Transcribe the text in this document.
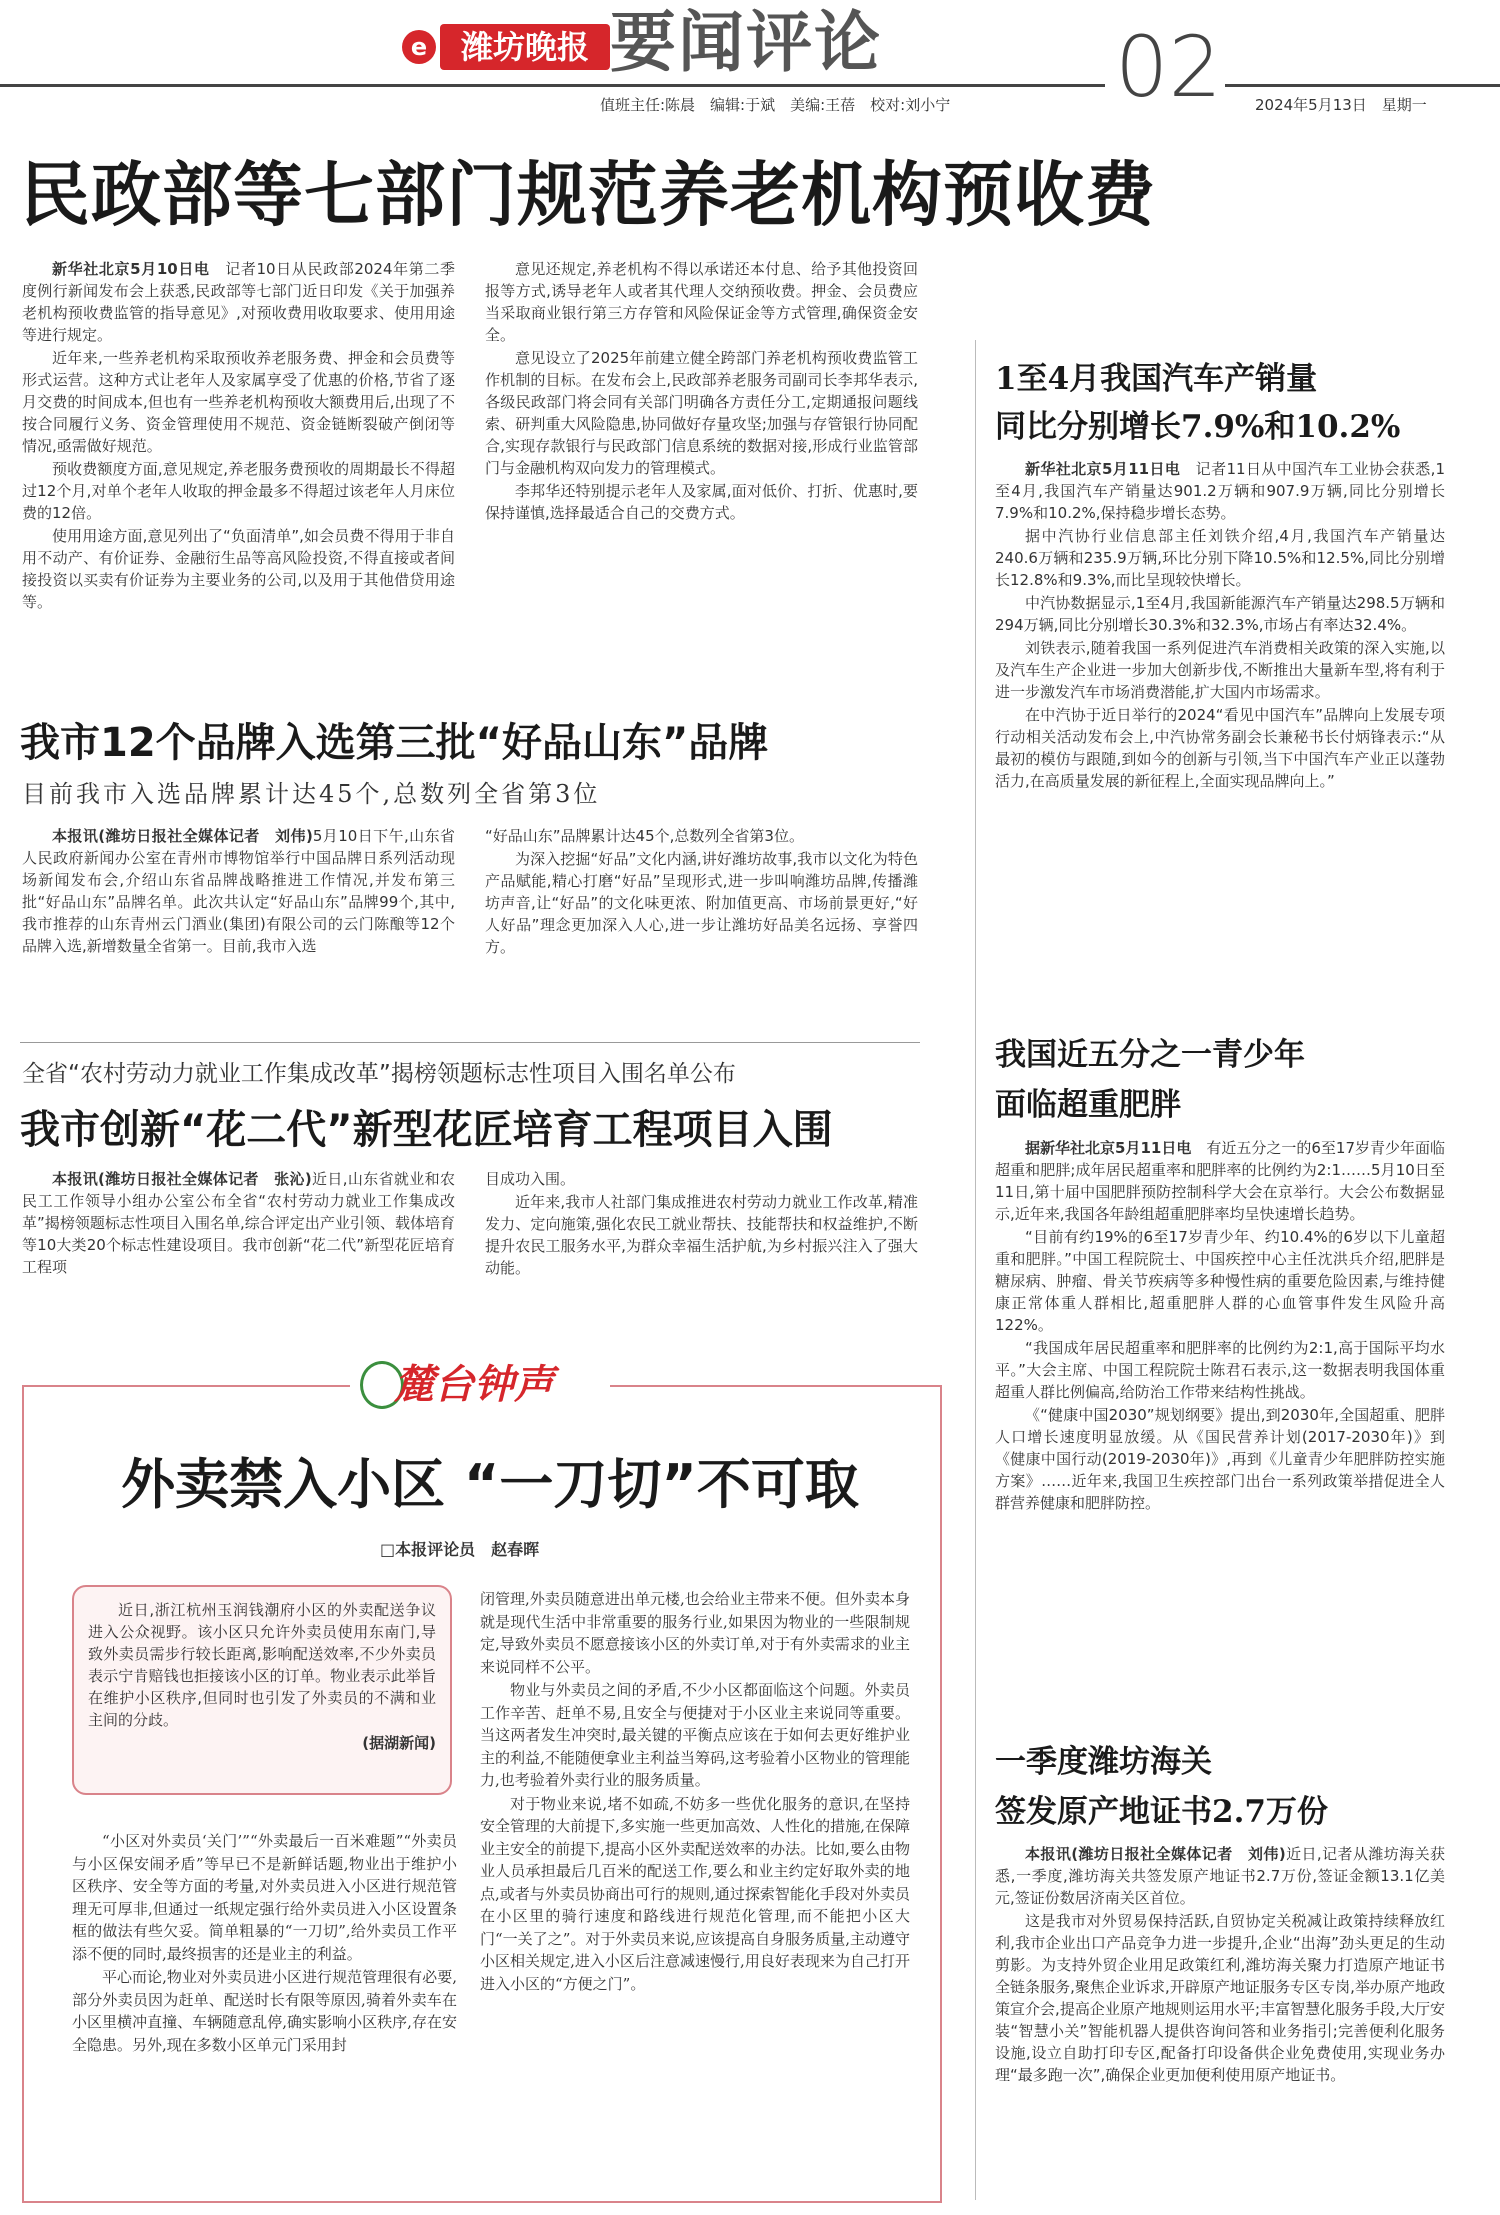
e	潍坊晚报 要闻评论	02
值班主任:陈晨　编辑:于斌　美编:王蓓　校对:刘小宁	2024年5月13日　星期一
民政部等七部门规范养老机构预收费

新华社北京5月10日电　 记者10日从民政部2024年第二季度例行新闻发布会上获悉,民政部等七部门近日印发《关于加强养老机构预收费监管的指导意见》,对预收费用收取要求、使用用途等进行规定。

近年来,一些养老机构采取预收养老服务费、押金和会员费等形式运营。这种方式让老年人及家属享受了优惠的价格,节省了逐月交费的时间成本,但也有一些养老机构预收大额费用后,出现了不按合同履行义务、资金管理使用不规范、资金链断裂破产倒闭等情况,亟需做好规范。

预收费额度方面,意见规定,养老服务费预收的周期最长不得超过12个月,对单个老年人收取的押金最多不得超过该老年人月床位费的12倍。

使用用途方面,意见列出了“负面清单”,如会员费不得用于非自用不动产、有价证券、金融衍生品等高风险投资,不得直接或者间接投资以买卖有价证券为主要业务的公司,以及用于其他借贷用途等。

意见还规定,养老机构不得以承诺还本付息、给予其他投资回报等方式,诱导老年人或者其代理人交纳预收费。押金、会员费应当采取商业银行第三方存管和风险保证金等方式管理,确保资金安全。

意见设立了2025年前建立健全跨部门养老机构预收费监管工作机制的目标。在发布会上,民政部养老服务司副司长李邦华表示,各级民政部门将会同有关部门明确各方责任分工,定期通报问题线索、研判重大风险隐患,协同做好存量攻坚;加强与存管银行协同配合,实现存款银行与民政部门信息系统的数据对接,形成行业监管部门与金融机构双向发力的管理模式。

李邦华还特别提示老年人及家属,面对低价、打折、优惠时,要保持谨慎,选择最适合自己的交费方式。

我市12个品牌入选第三批“好品山东”品牌
目前我市入选品牌累计达45个,总数列全省第3位

本报讯(潍坊日报社全媒体记者　刘伟)5月10日下午,山东省人民政府新闻办公室在青州市博物馆举行中国品牌日系列活动现场新闻发布会,介绍山东省品牌战略推进工作情况,并发布第三批“好品山东”品牌名单。此次共认定“好品山东”品牌99个,其中,我市推荐的山东青州云门酒业(集团)有限公司的云门陈酿等12个品牌入选,新增数量全省第一。目前,我市入选

“好品山东”品牌累计达45个,总数列全省第3位。

为深入挖掘“好品”文化内涵,讲好潍坊故事,我市以文化为特色产品赋能,精心打磨“好品”呈现形式,进一步叫响潍坊品牌,传播潍坊声音,让“好品”的文化味更浓、附加值更高、市场前景更好,“好人好品”理念更加深入人心,进一步让潍坊好品美名远扬、享誉四方。

全省“农村劳动力就业工作集成改革”揭榜领题标志性项目入围名单公布
我市创新“花二代”新型花匠培育工程项目入围

本报讯(潍坊日报社全媒体记者　张沁)近日,山东省就业和农民工工作领导小组办公室公布全省“农村劳动力就业工作集成改革”揭榜领题标志性项目入围名单,综合评定出产业引领、载体培育等10大类20个标志性建设项目。我市创新“花二代”新型花匠培育工程项

目成功入围。

近年来,我市人社部门集成推进农村劳动力就业工作改革,精准发力、定向施策,强化农民工就业帮扶、技能帮扶和权益维护,不断提升农民工服务水平,为群众幸福生活护航,为乡村振兴注入了强大动能。

麓台钟声
外卖禁入小区 “一刀切”不可取
□本报评论员　赵春晖

近日,浙江杭州玉润钱潮府小区的外卖配送争议进入公众视野。该小区只允许外卖员使用东南门,导致外卖员需步行较长距离,影响配送效率,不少外卖员表示宁肯赔钱也拒接该小区的订单。物业表示此举旨在维护小区秩序,但同时也引发了外卖员的不满和业主间的分歧。

(据湖新闻)

“小区对外卖员‘关门’”“外卖最后一百米难题”“外卖员与小区保安闹矛盾”等早已不是新鲜话题,物业出于维护小区秩序、安全等方面的考量,对外卖员进入小区进行规范管理无可厚非,但通过一纸规定强行给外卖员进入小区设置条框的做法有些欠妥。简单粗暴的“一刀切”,给外卖员工作平添不便的同时,最终损害的还是业主的利益。

平心而论,物业对外卖员进小区进行规范管理很有必要,部分外卖员因为赶单、配送时长有限等原因,骑着外卖车在小区里横冲直撞、车辆随意乱停,确实影响小区秩序,存在安全隐患。另外,现在多数小区单元门采用封

闭管理,外卖员随意进出单元楼,也会给业主带来不便。但外卖本身就是现代生活中非常重要的服务行业,如果因为物业的一些限制规定,导致外卖员不愿意接该小区的外卖订单,对于有外卖需求的业主来说同样不公平。

物业与外卖员之间的矛盾,不少小区都面临这个问题。外卖员工作辛苦、赶单不易,且安全与便捷对于小区业主来说同等重要。当这两者发生冲突时,最关键的平衡点应该在于如何去更好维护业主的利益,不能随便拿业主利益当筹码,这考验着小区物业的管理能力,也考验着外卖行业的服务质量。

对于物业来说,堵不如疏,不妨多一些优化服务的意识,在坚持安全管理的大前提下,多实施一些更加高效、人性化的措施,在保障业主安全的前提下,提高小区外卖配送效率的办法。比如,要么由物业人员承担最后几百米的配送工作,要么和业主约定好取外卖的地点,或者与外卖员协商出可行的规则,通过探索智能化手段对外卖员在小区里的骑行速度和路线进行规范化管理,而不能把小区大门“一关了之”。对于外卖员来说,应该提高自身服务质量,主动遵守小区相关规定,进入小区后注意减速慢行,用良好表现来为自己打开进入小区的“方便之门”。

1至4月我国汽车产销量
同比分别增长7.9%和10.2%

新华社北京5月11日电　 记者11日从中国汽车工业协会获悉,1至4月,我国汽车产销量达901.2万辆和907.9万辆,同比分别增长7.9%和10.2%,保持稳步增长态势。

据中汽协行业信息部主任刘铁介绍,4月,我国汽车产销量达240.6万辆和235.9万辆,环比分别下降10.5%和12.5%,同比分别增长12.8%和9.3%,而比呈现较快增长。

中汽协数据显示,1至4月,我国新能源汽车产销量达298.5万辆和294万辆,同比分别增长30.3%和32.3%,市场占有率达32.4%。

刘铁表示,随着我国一系列促进汽车消费相关政策的深入实施,以及汽车生产企业进一步加大创新步伐,不断推出大量新车型,将有利于进一步激发汽车市场消费潜能,扩大国内市场需求。

在中汽协于近日举行的2024“看见中国汽车”品牌向上发展专项行动相关活动发布会上,中汽协常务副会长兼秘书长付炳锋表示:“从最初的模仿与跟随,到如今的创新与引领,当下中国汽车产业正以蓬勃活力,在高质量发展的新征程上,全面实现品牌向上。”

我国近五分之一青少年
面临超重肥胖

据新华社北京5月11日电　 有近五分之一的6至17岁青少年面临超重和肥胖;成年居民超重率和肥胖率的比例约为2:1……5月10日至11日,第十届中国肥胖预防控制科学大会在京举行。大会公布数据显示,近年来,我国各年龄组超重肥胖率均呈快速增长趋势。

“目前有约19%的6至17岁青少年、约10.4%的6岁以下儿童超重和肥胖。”中国工程院院士、中国疾控中心主任沈洪兵介绍,肥胖是糖尿病、肿瘤、骨关节疾病等多种慢性病的重要危险因素,与维持健康正常体重人群相比,超重肥胖人群的心血管事件发生风险升高122%。

“我国成年居民超重率和肥胖率的比例约为2:1,高于国际平均水平。”大会主席、中国工程院院士陈君石表示,这一数据表明我国体重超重人群比例偏高,给防治工作带来结构性挑战。

《“健康中国2030”规划纲要》提出,到2030年,全国超重、肥胖人口增长速度明显放缓。从《国民营养计划(2017-2030年)》到《健康中国行动(2019-2030年)》,再到《儿童青少年肥胖防控实施方案》……近年来,我国卫生疾控部门出台一系列政策举措促进全人群营养健康和肥胖防控。

一季度潍坊海关
签发原产地证书2.7万份

本报讯(潍坊日报社全媒体记者　刘伟)近日,记者从潍坊海关获悉,一季度,潍坊海关共签发原产地证书2.7万份,签证金额13.1亿美元,签证份数居济南关区首位。

这是我市对外贸易保持活跃,自贸协定关税减让政策持续释放红利,我市企业出口产品竞争力进一步提升,企业“出海”劲头更足的生动剪影。为支持外贸企业用足政策红利,潍坊海关聚力打造原产地证书全链条服务,聚焦企业诉求,开辟原产地证服务专区专岗,举办原产地政策宣介会,提高企业原产地规则运用水平;丰富智慧化服务手段,大厅安装“智慧小关”智能机器人提供咨询问答和业务指引;完善便利化服务设施,设立自助打印专区,配备打印设备供企业免费使用,实现业务办理“最多跑一次”,确保企业更加便利使用原产地证书。
